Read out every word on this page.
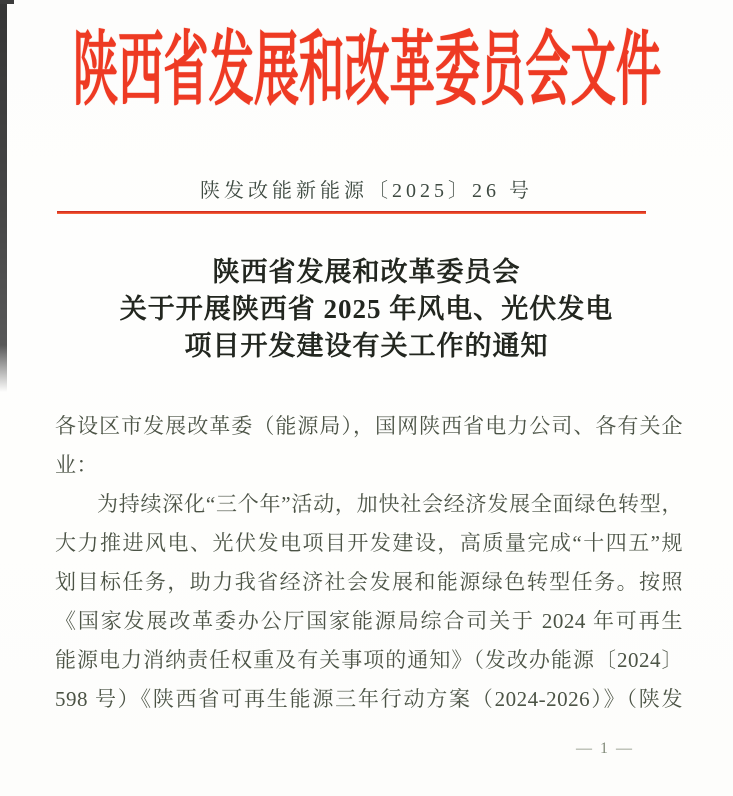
陕西省发展和改革委员会文件
陕发改能新能源〔2025〕26 号
陕西省发展和改革委员会
关于开展陕西省 2025 年风电、光伏发电
项目开发建设有关工作的通知
各设区市发展改革委（能源局），国网陕西省电力公司、各有关企
业：
为持续深化“三个年”活动，加快社会经济发展全面绿色转型，
大力推进风电、光伏发电项目开发建设，高质量完成“十四五”规
划目标任务，助力我省经济社会发展和能源绿色转型任务。按照
《国家发展改革委办公厅国家能源局综合司关于 2024 年可再生
能源电力消纳责任权重及有关事项的通知》（发改办能源〔2024〕
598 号）《陕西省可再生能源三年行动方案（2024-2026）》（陕发
— 1 —
